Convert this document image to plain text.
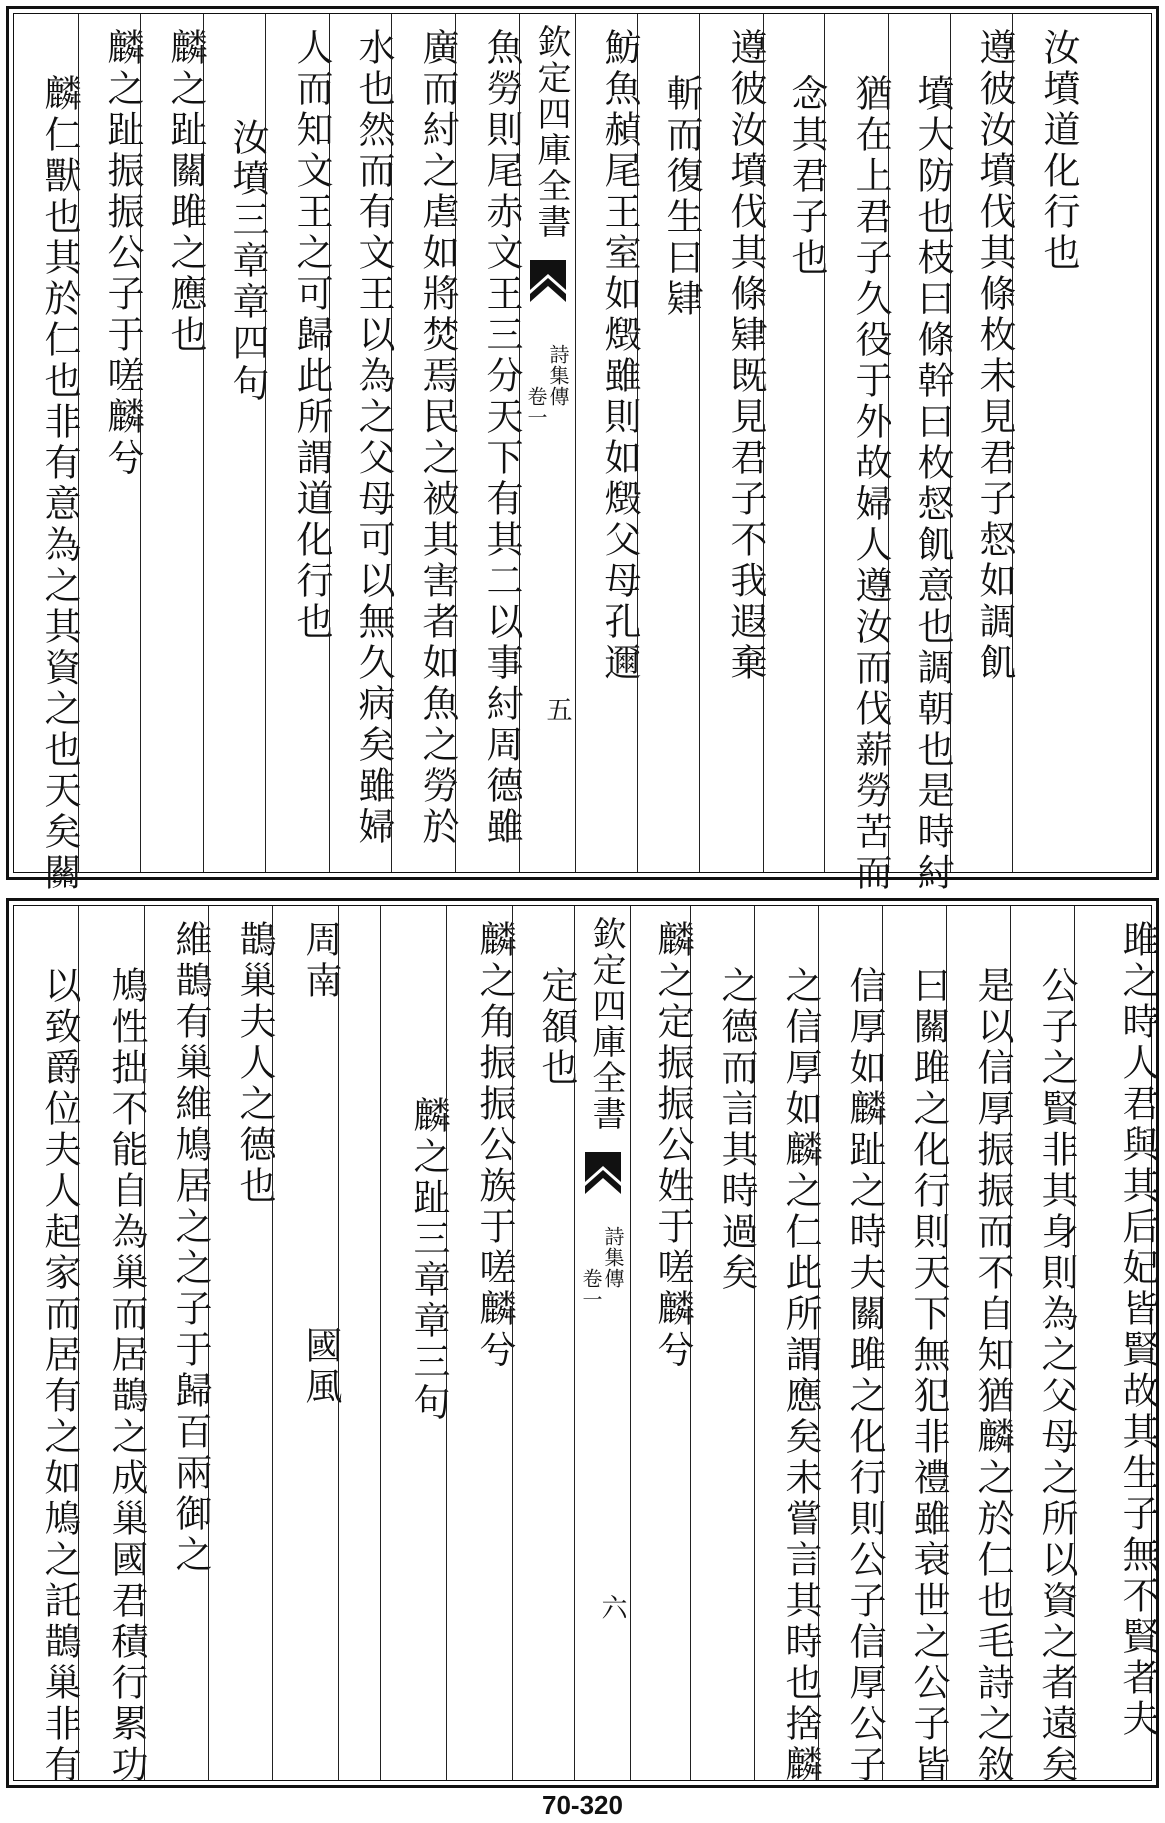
麟仁獸也其於仁也非有意為之其資之也天矣關 麟之趾振振公子于嗟麟兮 麟之趾關雎之應也 汝墳三章章四句 人而知文王之可歸此所謂道化行也 水也然而有文王以為之父母可以無久病矣雖婦 廣而紂之虐如將焚焉民之被其害者如魚之勞於 魚勞則尾赤文王三分天下有其二以事紂周德雖 欽定四庫全書
詩集傳
卷一
五
魴魚赬尾王室如燬雖則如燬父母孔邇 斬而復生曰肄 遵彼汝墳伐其條肄既見君子不我遐棄 念其君子也 猶在上君子久役于外故婦人遵汝而伐薪勞苦而 墳大防也枝曰條幹曰枚惄飢意也調朝也是時紂 遵彼汝墳伐其條枚未見君子惄如調飢 汝墳道化行也
以致爵位夫人起家而居有之如鳩之託鵲巢非有 鳩性拙不能自為巢而居鵲之成巢國君積行累功 維鵲有巢維鳩居之之子于歸百兩御之 鵲巢夫人之德也 周南
國風	麟之趾三章章三句 麟之角振振公族于嗟麟兮 定頟也 欽定四庫全書
詩集傳
卷一
六
麟之定振振公姓于嗟麟兮 之德而言其時過矣 之信厚如麟之仁此所謂應矣未嘗言其時也捨麟 信厚如麟趾之時夫關雎之化行則公子信厚公子 曰關雎之化行則天下無犯非禮雖衰世之公子皆 是以信厚振振而不自知猶麟之於仁也毛詩之敘 公子之賢非其身則為之父母之所以資之者遠矣	雎之時人君與其后妃皆賢故其生子無不賢者夫
70-320
